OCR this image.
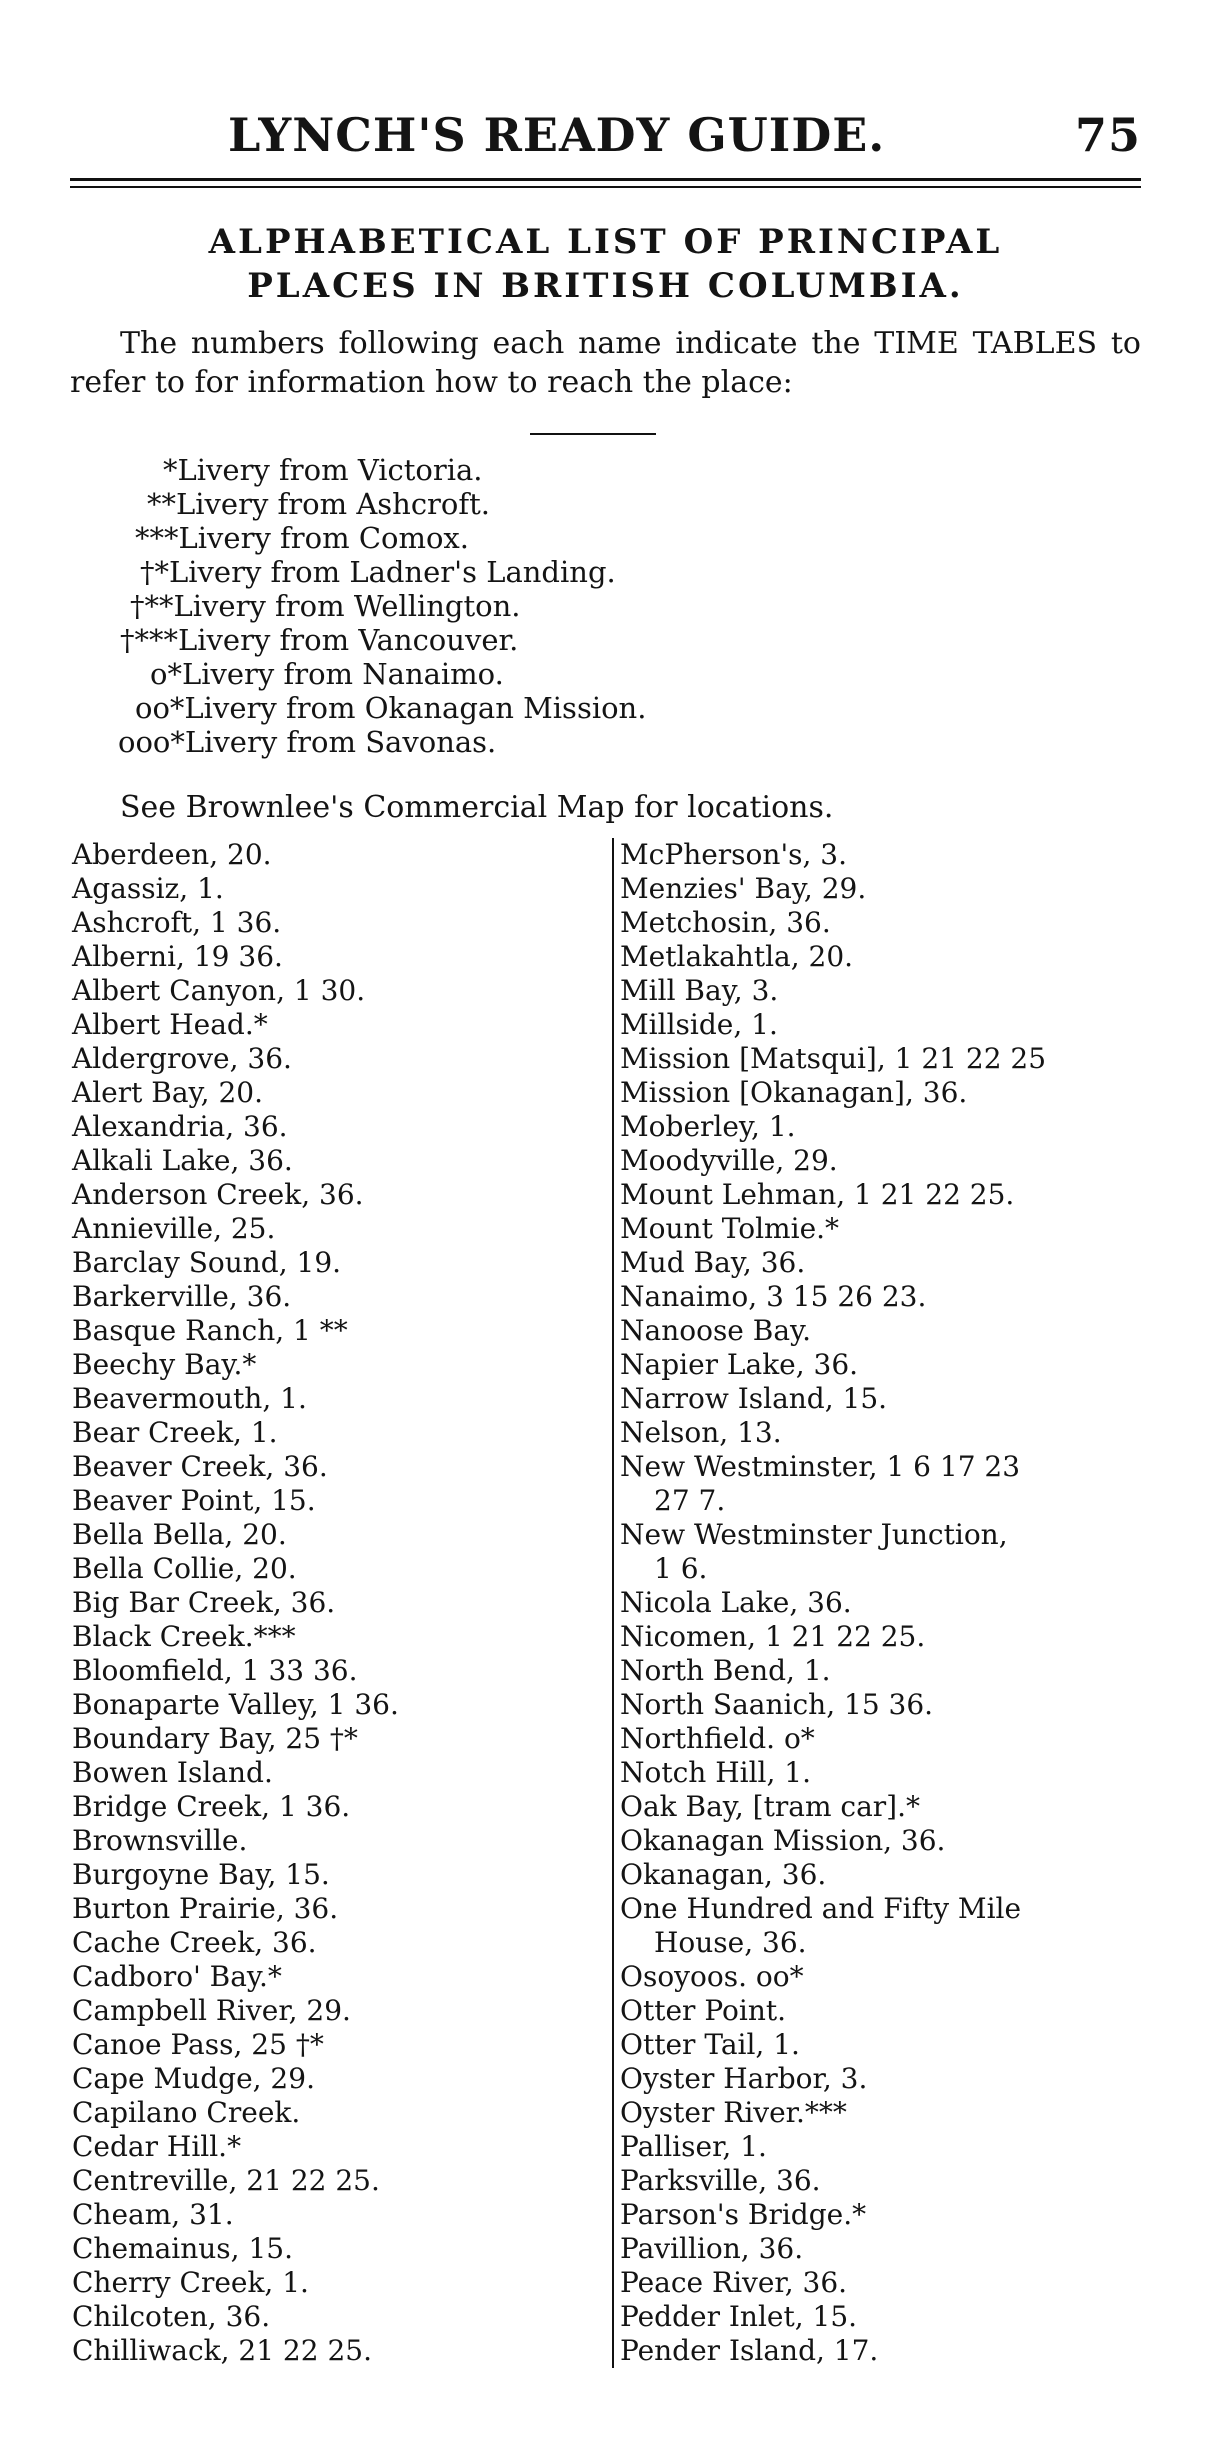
LYNCH'S READY GUIDE.	75
ALPHABETICAL LIST OF PRINCIPAL
PLACES IN BRITISH COLUMBIA.
The numbers following each name indicate the TIME TABLES to refer to for information how to reach the place:
*Livery from Victoria.
**Livery from Ashcroft.
***Livery from Comox.
†*Livery from Ladner's Landing.
†**Livery from Wellington.
†***Livery from Vancouver.
o*Livery from Nanaimo.
oo*Livery from Okanagan Mission.
ooo*Livery from Savonas.
See Brownlee's Commercial Map for locations.
Aberdeen, 20.
Agassiz, 1.
Ashcroft, 1 36.
Alberni, 19 36.
Albert Canyon, 1 30.
Albert Head.*
Aldergrove, 36.
Alert Bay, 20.
Alexandria, 36.
Alkali Lake, 36.
Anderson Creek, 36.
Annieville, 25.
Barclay Sound, 19.
Barkerville, 36.
Basque Ranch, 1 **
Beechy Bay.*
Beavermouth, 1.
Bear Creek, 1.
Beaver Creek, 36.
Beaver Point, 15.
Bella Bella, 20.
Bella Collie, 20.
Big Bar Creek, 36.
Black Creek.***
Bloomfield, 1 33 36.
Bonaparte Valley, 1 36.
Boundary Bay, 25 †*
Bowen Island.
Bridge Creek, 1 36.
Brownsville.
Burgoyne Bay, 15.
Burton Prairie, 36.
Cache Creek, 36.
Cadboro' Bay.*
Campbell River, 29.
Canoe Pass, 25 †*
Cape Mudge, 29.
Capilano Creek.
Cedar Hill.*
Centreville, 21 22 25.
Cheam, 31.
Chemainus, 15.
Cherry Creek, 1.
Chilcoten, 36.
Chilliwack, 21 22 25.
McPherson's, 3.
Menzies' Bay, 29.
Metchosin, 36.
Metlakahtla, 20.
Mill Bay, 3.
Millside, 1.
Mission [Matsqui], 1 21 22 25
Mission [Okanagan], 36.
Moberley, 1.
Moodyville, 29.
Mount Lehman, 1 21 22 25.
Mount Tolmie.*
Mud Bay, 36.
Nanaimo, 3 15 26 23.
Nanoose Bay.
Napier Lake, 36.
Narrow Island, 15.
Nelson, 13.
New Westminster, 1 6 17 23
27 7.
New Westminster Junction,
1 6.
Nicola Lake, 36.
Nicomen, 1 21 22 25.
North Bend, 1.
North Saanich, 15 36.
Northfield. o*
Notch Hill, 1.
Oak Bay, [tram car].*
Okanagan Mission, 36.
Okanagan, 36.
One Hundred and Fifty Mile
House, 36.
Osoyoos. oo*
Otter Point.
Otter Tail, 1.
Oyster Harbor, 3.
Oyster River.***
Palliser, 1.
Parksville, 36.
Parson's Bridge.*
Pavillion, 36.
Peace River, 36.
Pedder Inlet, 15.
Pender Island, 17.
